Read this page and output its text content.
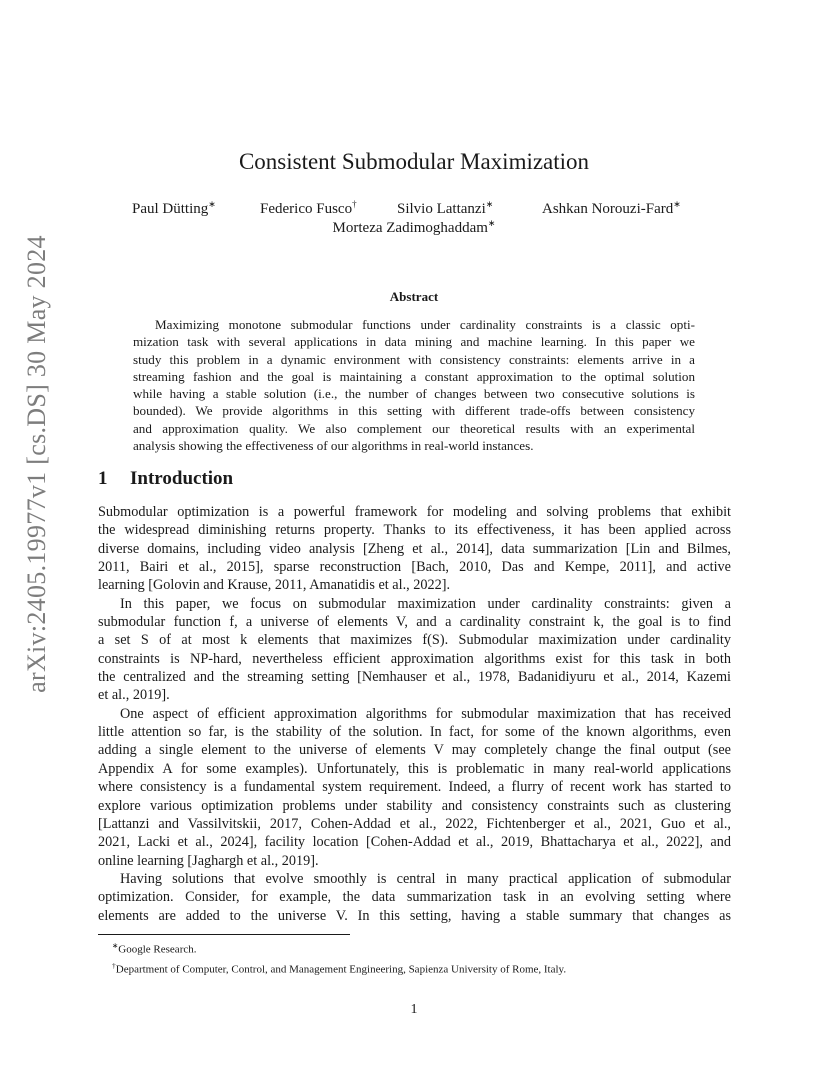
arXiv:2405.19977v1 [cs.DS] 30 May 2024
Consistent Submodular Maximization
Paul Dütting∗	Federico Fusco†	Silvio Lattanzi∗	Ashkan Norouzi-Fard∗
Morteza Zadimoghaddam∗
Abstract
Maximizing monotone submodular functions under cardinality constraints is a classic opti-
mization task with several applications in data mining and machine learning. In this paper we
study this problem in a dynamic environment with consistency constraints: elements arrive in a
streaming fashion and the goal is maintaining a constant approximation to the optimal solution
while having a stable solution (i.e., the number of changes between two consecutive solutions is
bounded). We provide algorithms in this setting with different trade-offs between consistency
and approximation quality. We also complement our theoretical results with an experimental
analysis showing the effectiveness of our algorithms in real-world instances.
1 Introduction
Submodular optimization is a powerful framework for modeling and solving problems that exhibit
the widespread diminishing returns property. Thanks to its effectiveness, it has been applied across
diverse domains, including video analysis [Zheng et al., 2014], data summarization [Lin and Bilmes,
2011, Bairi et al., 2015], sparse reconstruction [Bach, 2010, Das and Kempe, 2011], and active
learning [Golovin and Krause, 2011, Amanatidis et al., 2022].
In this paper, we focus on submodular maximization under cardinality constraints: given a
submodular function f, a universe of elements V, and a cardinality constraint k, the goal is to find
a set S of at most k elements that maximizes f(S). Submodular maximization under cardinality
constraints is NP-hard, nevertheless efficient approximation algorithms exist for this task in both
the centralized and the streaming setting [Nemhauser et al., 1978, Badanidiyuru et al., 2014, Kazemi
et al., 2019].
One aspect of efficient approximation algorithms for submodular maximization that has received
little attention so far, is the stability of the solution. In fact, for some of the known algorithms, even
adding a single element to the universe of elements V may completely change the final output (see
Appendix A for some examples). Unfortunately, this is problematic in many real-world applications
where consistency is a fundamental system requirement. Indeed, a flurry of recent work has started to
explore various optimization problems under stability and consistency constraints such as clustering
[Lattanzi and Vassilvitskii, 2017, Cohen-Addad et al., 2022, Fichtenberger et al., 2021, Guo et al.,
2021, Lacki et al., 2024], facility location [Cohen-Addad et al., 2019, Bhattacharya et al., 2022], and
online learning [Jaghargh et al., 2019].
Having solutions that evolve smoothly is central in many practical application of submodular
optimization. Consider, for example, the data summarization task in an evolving setting where
elements are added to the universe V. In this setting, having a stable summary that changes as
∗Google Research.
†Department of Computer, Control, and Management Engineering, Sapienza University of Rome, Italy.
1
